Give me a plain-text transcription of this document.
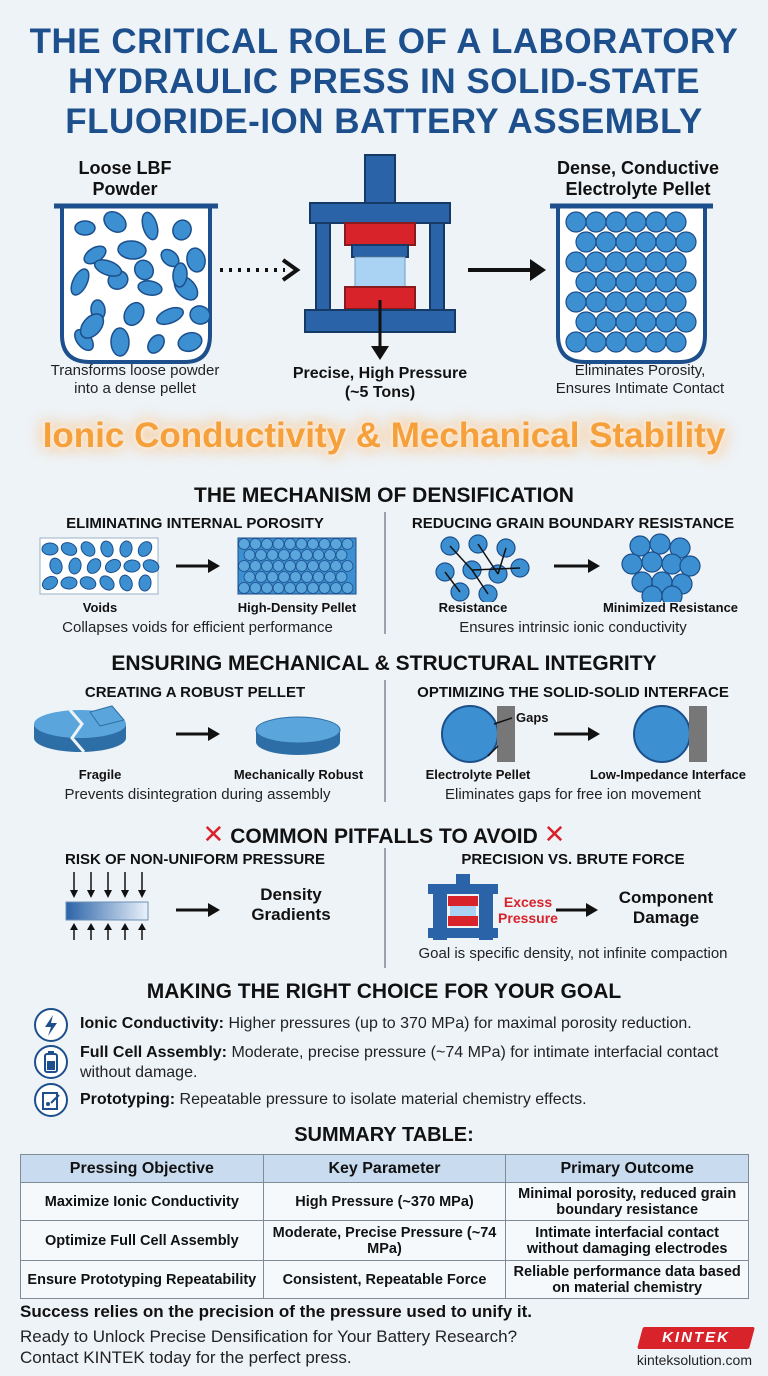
THE CRITICAL ROLE OF A LABORATORY
HYDRAULIC PRESS IN SOLID-STATE
FLUORIDE-ION BATTERY ASSEMBLY
Loose LBF
Powder
Dense, Conductive
Electrolyte Pellet
Transforms loose powder
into a dense pellet
Precise, High Pressure
(~5 Tons)
Eliminates Porosity,
Ensures Intimate Contact
Ionic Conductivity & Mechanical Stability
THE MECHANISM OF DENSIFICATION
ELIMINATING INTERNAL POROSITY	REDUCING GRAIN BOUNDARY RESISTANCE
Voids	High-Density Pellet
Collapses voids for efficient performance
Resistance	Minimized Resistance
Ensures intrinsic ionic conductivity
ENSURING MECHANICAL & STRUCTURAL INTEGRITY
CREATING A ROBUST PELLET	OPTIMIZING THE SOLID-SOLID INTERFACE
Gaps
Fragile	Mechanically Robust
Prevents disintegration during assembly
Electrolyte Pellet	Low-Impedance Interface
Eliminates gaps for free ion movement
✕ COMMON PITFALLS TO AVOID ✕
RISK OF NON-UNIFORM PRESSURE	PRECISION VS. BRUTE FORCE
Density
Gradients
Excess
Pressure
Component
Damage
Goal is specific density, not infinite compaction
MAKING THE RIGHT CHOICE FOR YOUR GOAL
Ionic Conductivity: Higher pressures (up to 370 MPa) for maximal porosity reduction.
Full Cell Assembly: Moderate, precise pressure (~74 MPa) for intimate interfacial contact without damage.
Prototyping: Repeatable pressure to isolate material chemistry effects.
SUMMARY TABLE:
Pressing Objective	Key Parameter	Primary Outcome
Maximize Ionic Conductivity	High Pressure (~370 MPa)	Minimal porosity, reduced grain boundary resistance
Optimize Full Cell Assembly	Moderate, Precise Pressure (~74 MPa)	Intimate interfacial contact without damaging electrodes
Ensure Prototyping Repeatability	Consistent, Repeatable Force	Reliable performance data based on material chemistry
Success relies on the precision of the pressure used to unify it.
Ready to Unlock Precise Densification for Your Battery Research?
Contact KINTEK today for the perfect press.
KINTEK
kinteksolution.com
